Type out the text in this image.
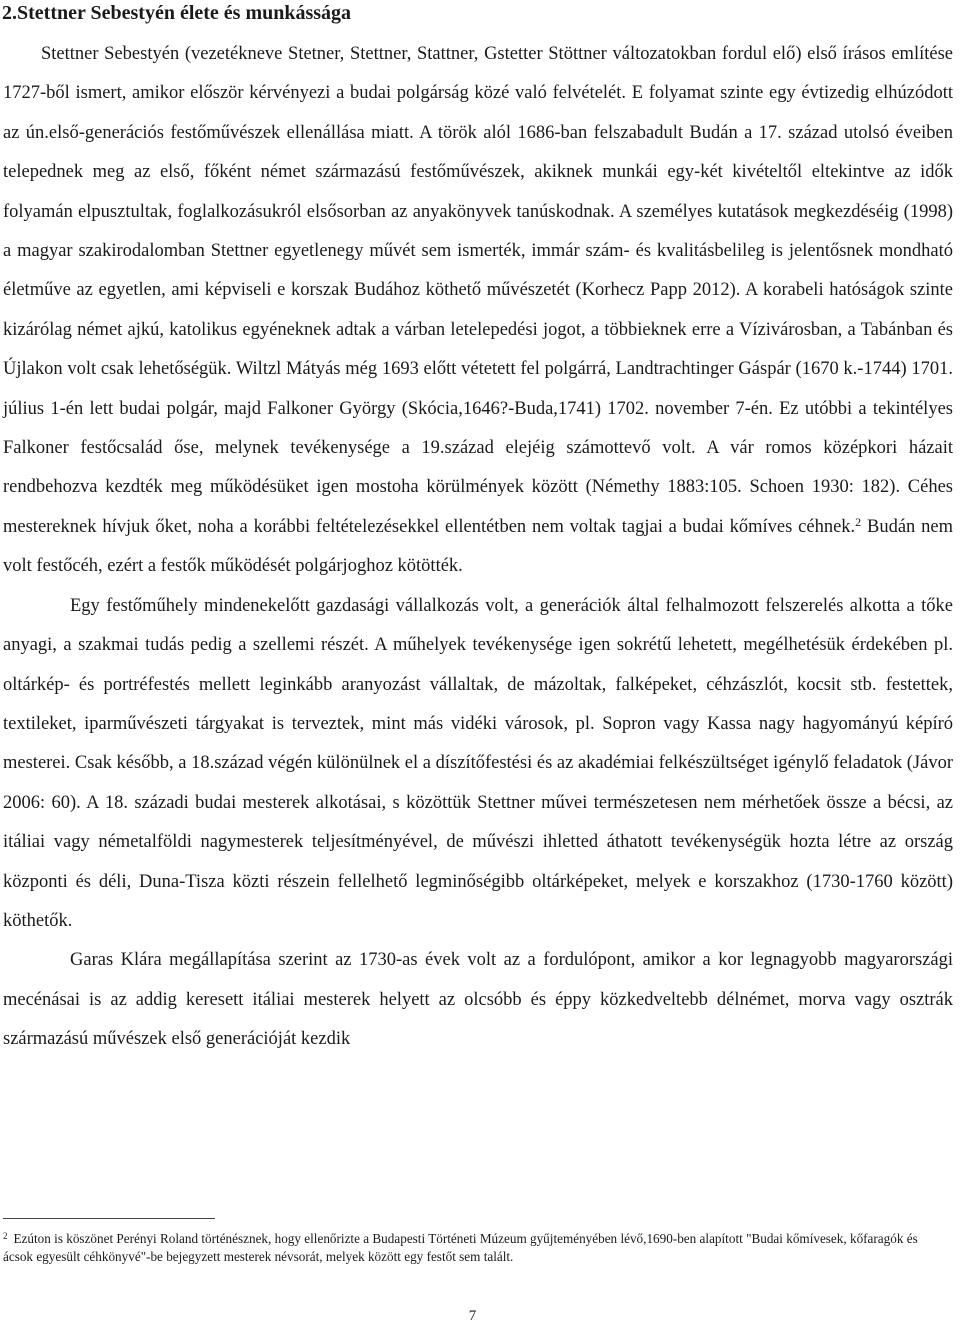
2.Stettner Sebestyén élete és munkássága

Stettner Sebestyén (vezetékneve Stetner, Stettner, Stattner, Gstetter Stöttner változatokban fordul elő) első írásos említése 1727-ből ismert, amikor először kérvényezi a budai polgárság közé való felvételét. E folyamat szinte egy évtizedig elhúzódott az ún.első-generációs festőművészek ellenállása miatt. A török alól 1686-ban felszabadult Budán a 17. század utolsó éveiben telepednek meg az első, főként német származású festőművészek, akiknek munkái egy-két kivételtől eltekintve az idők folyamán elpusztultak, foglalkozásukról elsősorban az anyakönyvek tanúskodnak. A személyes kutatások megkezdéséig (1998) a magyar szakirodalomban Stettner egyetlenegy művét sem ismerték, immár szám- és kvalitásbelileg is jelentősnek mondható életműve az egyetlen, ami képviseli e korszak Budához köthető művészetét (Korhecz Papp 2012). A korabeli hatóságok szinte kizárólag német ajkú, katolikus egyéneknek adtak a várban letelepedési jogot, a többieknek erre a Vízivárosban, a Tabánban és Újlakon volt csak lehetőségük. Wiltzl Mátyás még 1693 előtt vétetett fel polgárrá, Landtrachtinger Gáspár (1670 k.-1744) 1701. július 1-én lett budai polgár, majd Falkoner György (Skócia,1646?-Buda,1741) 1702. november 7-én. Ez utóbbi a tekintélyes Falkoner festőcsalád őse, melynek tevékenysége a 19.század elejéig számottevő volt. A vár romos középkori házait rendbehozva kezdték meg működésüket igen mostoha körülmények között (Némethy 1883:105. Schoen 1930: 182). Céhes mestereknek hívjuk őket, noha a korábbi feltételezésekkel ellentétben nem voltak tagjai a budai kőmíves céhnek.$^2$ Budán nem volt festőcéh, ezért a festők működését polgárjoghoz kötötték.

Egy festőműhely mindenekelőtt gazdasági vállalkozás volt, a generációk által felhalmozott felszerelés alkotta a tőke anyagi, a szakmai tudás pedig a szellemi részét. A műhelyek tevékenysége igen sokrétű lehetett, megélhetésük érdekében pl. oltárkép- és portréfestés mellett leginkább aranyozást vállaltak, de mázoltak, falképeket, céhzászlót, kocsit stb. festettek, textileket, iparművészeti tárgyakat is terveztek, mint más vidéki városok, pl. Sopron vagy Kassa nagy hagyományú képíró mesterei. Csak később, a 18.század végén különülnek el a díszítőfestési és az akadémiai felkészültséget igénylő feladatok (Jávor 2006: 60). A 18. századi budai mesterek alkotásai, s közöttük Stettner művei természetesen nem mérhetőek össze a bécsi, az itáliai vagy németalföldi nagymesterek teljesítményével, de művészi ihletted áthatott tevékenységük hozta létre az ország központi és déli, Duna-Tisza közti részein fellelhető legminőségibb oltárképeket, melyek e korszakhoz (1730-1760 között) köthetők.

Garas Klára megállapítása szerint az 1730-as évek volt az a fordulópont, amikor a kor legnagyobb magyarországi mecénásai is az addig keresett itáliai mesterek helyett az olcsóbb és éppy közkedveltebb délnémet, morva vagy osztrák származású művészek első generációját kezdik

$^2$ Ezúton is köszönet Perényi Roland történésznek, hogy ellenőrizte a Budapesti Történeti Múzeum gyűjteményében lévő,1690-ben alapított "Budai kőmívesek, kőfaragók és ácsok egyesült céhkönyvé"-be bejegyzett mesterek névsorát, melyek között egy festőt sem talált.
7
